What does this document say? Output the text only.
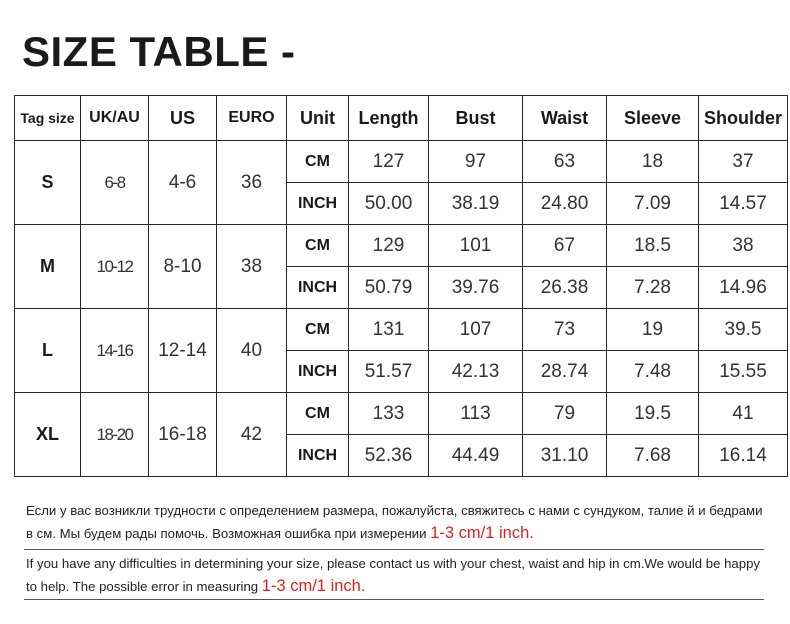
SIZE TABLE -
Tag size	UK/AU	US	EURO	Unit	Length	Bust	Waist	Sleeve	Shoulder
S	6-8	4-6	36	CM	127	97	63	18	37
				INCH	50.00	38.19	24.80	7.09	14.57
M	10-12	8-10	38	CM	129	101	67	18.5	38
				INCH	50.79	39.76	26.38	7.28	14.96
L	14-16	12-14	40	CM	131	107	73	19	39.5
				INCH	51.57	42.13	28.74	7.48	15.55
XL	18-20	16-18	42	CM	133	113	79	19.5	41
				INCH	52.36	44.49	31.10	7.68	16.14

Если у вас возникли трудности с определением размера, пожалуйста, свяжитесь с нами с сундуком, талие й и бедрами в см. Мы будем рады помочь. Возможная ошибка при измерении 1-3 cm/1 inch.

If you have any difficulties in determining your size, please contact us with your chest, waist and hip in cm.We would be happy to help. The possible error in measuring 1-3 cm/1 inch.
